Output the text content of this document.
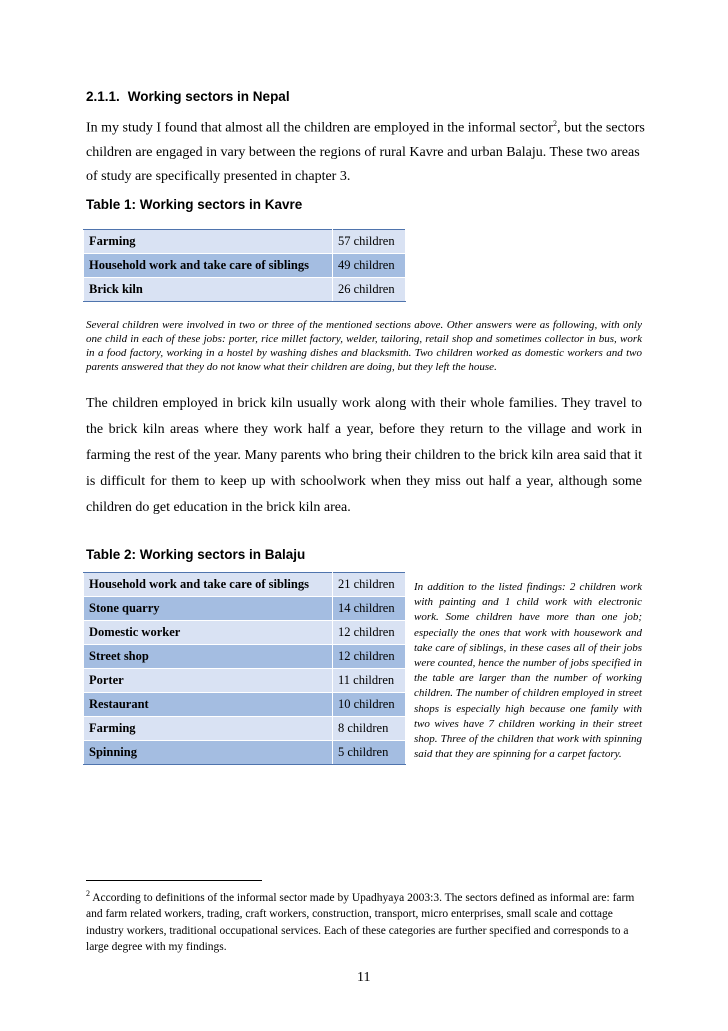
2.1.1. Working sectors in Nepal

In my study I found that almost all the children are employed in the informal sector$^2$, but the sectors children are engaged in vary between the regions of rural Kavre and urban Balaju. These two areas of study are specifically presented in chapter 3.

Table 1: Working sectors in Kavre
Farming	57 children
Household work and take care of siblings	49 children
Brick kiln	26 children

Several children were involved in two or three of the mentioned sections above. Other answers were as following, with only one child in each of these jobs: porter, rice millet factory, welder, tailoring, retail shop and sometimes collector in bus, work in a food factory, working in a hostel by washing dishes and blacksmith. Two children worked as domestic workers and two parents answered that they do not know what their children are doing, but they left the house.

The children employed in brick kiln usually work along with their whole families. They travel to the brick kiln areas where they work half a year, before they return to the village and work in farming the rest of the year. Many parents who bring their children to the brick kiln area said that it is difficult for them to keep up with schoolwork when they miss out half a year, although some children do get education in the brick kiln area.

Table 2: Working sectors in Balaju
Household work and take care of siblings	21 children
Stone quarry	14 children
Domestic worker	12 children
Street shop	12 children
Porter	11 children
Restaurant	10 children
Farming	8 children
Spinning	5 children

In addition to the listed findings: 2 children work with painting and 1 child work with electronic work. Some children have more than one job; especially the ones that work with housework and take care of siblings, in these cases all of their jobs were counted, hence the number of jobs specified in the table are larger than the number of working children. The number of children employed in street shops is especially high because one family with two wives have 7 children working in their street shop. Three of the children that work with spinning said that they are spinning for a carpet factory.

$^2$ According to definitions of the informal sector made by Upadhyaya 2003:3. The sectors defined as informal are: farm and farm related workers, trading, craft workers, construction, transport, micro enterprises, small scale and cottage industry workers, traditional occupational services. Each of these categories are further specified and corresponds to a large degree with my findings.

11
